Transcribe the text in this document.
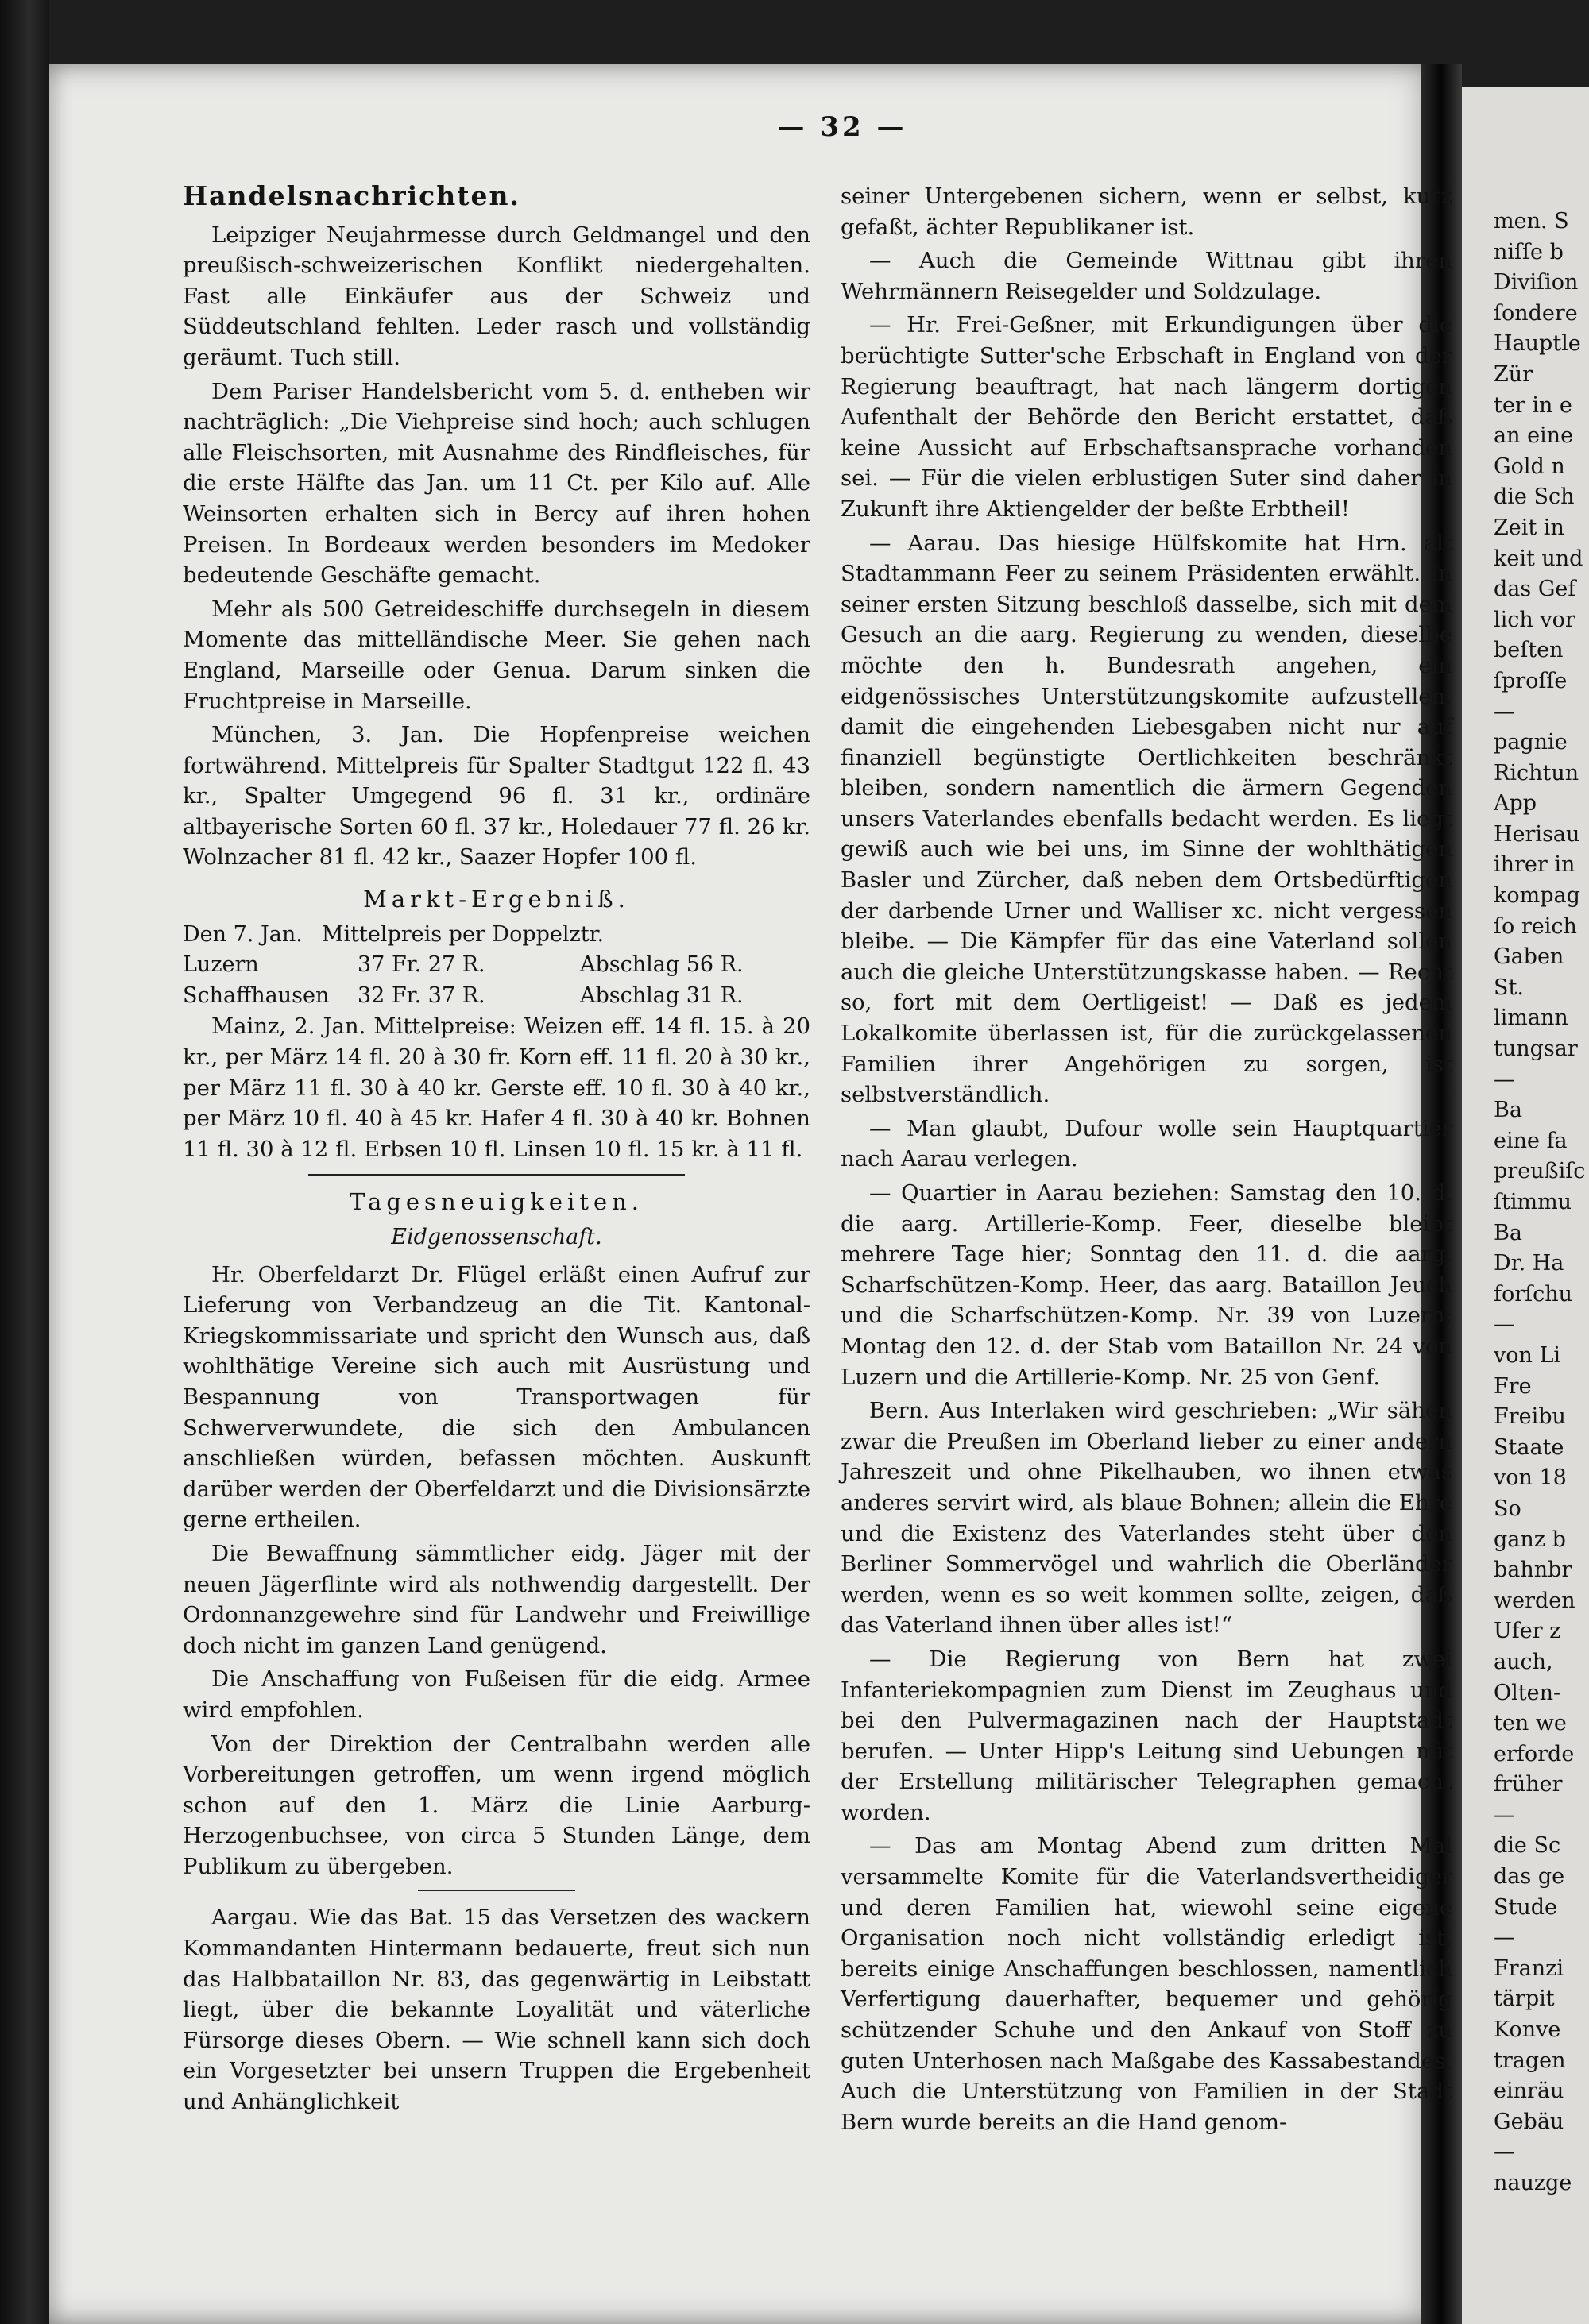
men. S
niſſe b
Diviſion
ſondere
Hauptle
Zür
ter in e
an eine
Gold n
die Sch
Zeit in
keit und
das Gef
lich vor
beſten
ſproſſe
—
pagnie
Richtun
App
Herisau
ihrer in
kompag
ſo reich
Gaben
St.
limann
tungsar
—
Ba
eine fa
preußiſc
ſtimmu
Ba
Dr. Ha
forſchu
—
von Li
Fre
Freibu
Staate
von 18
So
ganz b
bahnbr
werden
Ufer z
auch,
Olten-
ten we
erforde
früher
—
die Sc
das ge
Stude
—
Franzi
tärpit
Konve
tragen
einräu
Gebäu
—
nauzge
— 32 —
Handelsnachrichten.

Leipziger Neujahrmesse durch Geldmangel und den preußisch-schweizerischen Konflikt niedergehalten. Fast alle Einkäufer aus der Schweiz und Süddeutschland fehlten. Leder rasch und vollständig geräumt. Tuch still.

Dem Pariser Handelsbericht vom 5. d. entheben wir nachträglich: „Die Viehpreise sind hoch; auch schlugen alle Fleischsorten, mit Ausnahme des Rindfleisches, für die erste Hälfte das Jan. um 11 Ct. per Kilo auf. Alle Weinsorten erhalten sich in Bercy auf ihren hohen Preisen. In Bordeaux werden besonders im Medoker bedeutende Geschäfte gemacht.

Mehr als 500 Getreideschiffe durchsegeln in diesem Momente das mittelländische Meer. Sie gehen nach England, Marseille oder Genua. Darum sinken die Fruchtpreise in Marseille.

München, 3. Jan. Die Hopfenpreise weichen fortwährend. Mittelpreis für Spalter Stadtgut 122 fl. 43 kr., Spalter Umgegend 96 fl. 31 kr., ordinäre altbayerische Sorten 60 fl. 37 kr., Holedauer 77 fl. 26 kr. Wolnzacher 81 fl. 42 kr., Saazer Hopfer 100 fl.

Markt-Ergebniß.
Den 7. Jan. Mittelpreis per Doppelztr.
Luzern	37 Fr. 27 R.	Abschlag 56 R.
Schaffhausen	32 Fr. 37 R.	Abschlag 31 R.

Mainz, 2. Jan. Mittelpreise: Weizen eff. 14 fl. 15. à 20 kr., per März 14 fl. 20 à 30 fr. Korn eff. 11 fl. 20 à 30 kr., per März 11 fl. 30 à 40 kr. Gerste eff. 10 fl. 30 à 40 kr., per März 10 fl. 40 à 45 kr. Hafer 4 fl. 30 à 40 kr. Bohnen 11 fl. 30 à 12 fl. Erbsen 10 fl. Linsen 10 fl. 15 kr. à 11 fl.

Tagesneuigkeiten.
Eidgenossenschaft.

Hr. Oberfeldarzt Dr. Flügel erläßt einen Aufruf zur Lieferung von Verbandzeug an die Tit. Kantonal-Kriegskommissariate und spricht den Wunsch aus, daß wohlthätige Vereine sich auch mit Ausrüstung und Bespannung von Transportwagen für Schwerverwundete, die sich den Ambulancen anschließen würden, befassen möchten. Auskunft darüber werden der Oberfeldarzt und die Divisionsärzte gerne ertheilen.

Die Bewaffnung sämmtlicher eidg. Jäger mit der neuen Jägerflinte wird als nothwendig dargestellt. Der Ordonnanzgewehre sind für Landwehr und Freiwillige doch nicht im ganzen Land genügend.

Die Anschaffung von Fußeisen für die eidg. Armee wird empfohlen.

Von der Direktion der Centralbahn werden alle Vorbereitungen getroffen, um wenn irgend möglich schon auf den 1. März die Linie Aarburg-Herzogenbuchsee, von circa 5 Stunden Länge, dem Publikum zu übergeben.

Aargau. Wie das Bat. 15 das Versetzen des wackern Kommandanten Hintermann bedauerte, freut sich nun das Halbbataillon Nr. 83, das gegenwärtig in Leibstatt liegt, über die bekannte Loyalität und väterliche Fürsorge dieses Obern. — Wie schnell kann sich doch ein Vorgesetzter bei unsern Truppen die Ergebenheit und Anhänglichkeit

seiner Untergebenen sichern, wenn er selbst, kurz gefaßt, ächter Republikaner ist.

— Auch die Gemeinde Wittnau gibt ihren Wehrmännern Reisegelder und Soldzulage.

— Hr. Frei-Geßner, mit Erkundigungen über die berüchtigte Sutter'sche Erbschaft in England von der Regierung beauftragt, hat nach längerm dortigen Aufenthalt der Behörde den Bericht erstattet, daß keine Aussicht auf Erbschaftsansprache vorhanden sei. — Für die vielen erblustigen Suter sind daher in Zukunft ihre Aktiengelder der beßte Erbtheil!

— Aarau. Das hiesige Hülfskomite hat Hrn. alt Stadtammann Feer zu seinem Präsidenten erwählt. In seiner ersten Sitzung beschloß dasselbe, sich mit dem Gesuch an die aarg. Regierung zu wenden, dieselbe möchte den h. Bundesrath angehen, ein eidgenössisches Unterstützungskomite aufzustellen, damit die eingehenden Liebesgaben nicht nur auf finanziell begünstigte Oertlichkeiten beschränkt bleiben, sondern namentlich die ärmern Gegenden unsers Vaterlandes ebenfalls bedacht werden. Es liegt gewiß auch wie bei uns, im Sinne der wohlthätigen Basler und Zürcher, daß neben dem Ortsbedürftigen der darbende Urner und Walliser xc. nicht vergessen bleibe. — Die Kämpfer für das eine Vaterland sollen auch die gleiche Unterstützungskasse haben. — Recht so, fort mit dem Oertligeist! — Daß es jedem Lokalkomite überlassen ist, für die zurückgelassenen Familien ihrer Angehörigen zu sorgen, ist selbstverständlich.

— Man glaubt, Dufour wolle sein Hauptquartier nach Aarau verlegen.

— Quartier in Aarau beziehen: Samstag den 10. d. die aarg. Artillerie-Komp. Feer, dieselbe bleibt mehrere Tage hier; Sonntag den 11. d. die aarg. Scharfschützen-Komp. Heer, das aarg. Bataillon Jeuch und die Scharfschützen-Komp. Nr. 39 von Luzern; Montag den 12. d. der Stab vom Bataillon Nr. 24 von Luzern und die Artillerie-Komp. Nr. 25 von Genf.

Bern. Aus Interlaken wird geschrieben: „Wir sähen zwar die Preußen im Oberland lieber zu einer andern Jahreszeit und ohne Pikelhauben, wo ihnen etwas anderes servirt wird, als blaue Bohnen; allein die Ehre und die Existenz des Vaterlandes steht über den Berliner Sommervögel und wahrlich die Oberländer werden, wenn es so weit kommen sollte, zeigen, daß das Vaterland ihnen über alles ist!“

— Die Regierung von Bern hat zwei Infanteriekompagnien zum Dienst im Zeughaus und bei den Pulvermagazinen nach der Hauptstadt berufen. — Unter Hipp's Leitung sind Uebungen mit der Erstellung militärischer Telegraphen gemacht worden.

— Das am Montag Abend zum dritten Mal versammelte Komite für die Vaterlandsvertheidiger und deren Familien hat, wiewohl seine eigene Organisation noch nicht vollständig erledigt ist, bereits einige Anschaffungen beschlossen, namentlich Verfertigung dauerhafter, bequemer und gehörig schützender Schuhe und den Ankauf von Stoff zu guten Unterhosen nach Maßgabe des Kassabestandes. Auch die Unterstützung von Familien in der Stadt Bern wurde bereits an die Hand genom-
